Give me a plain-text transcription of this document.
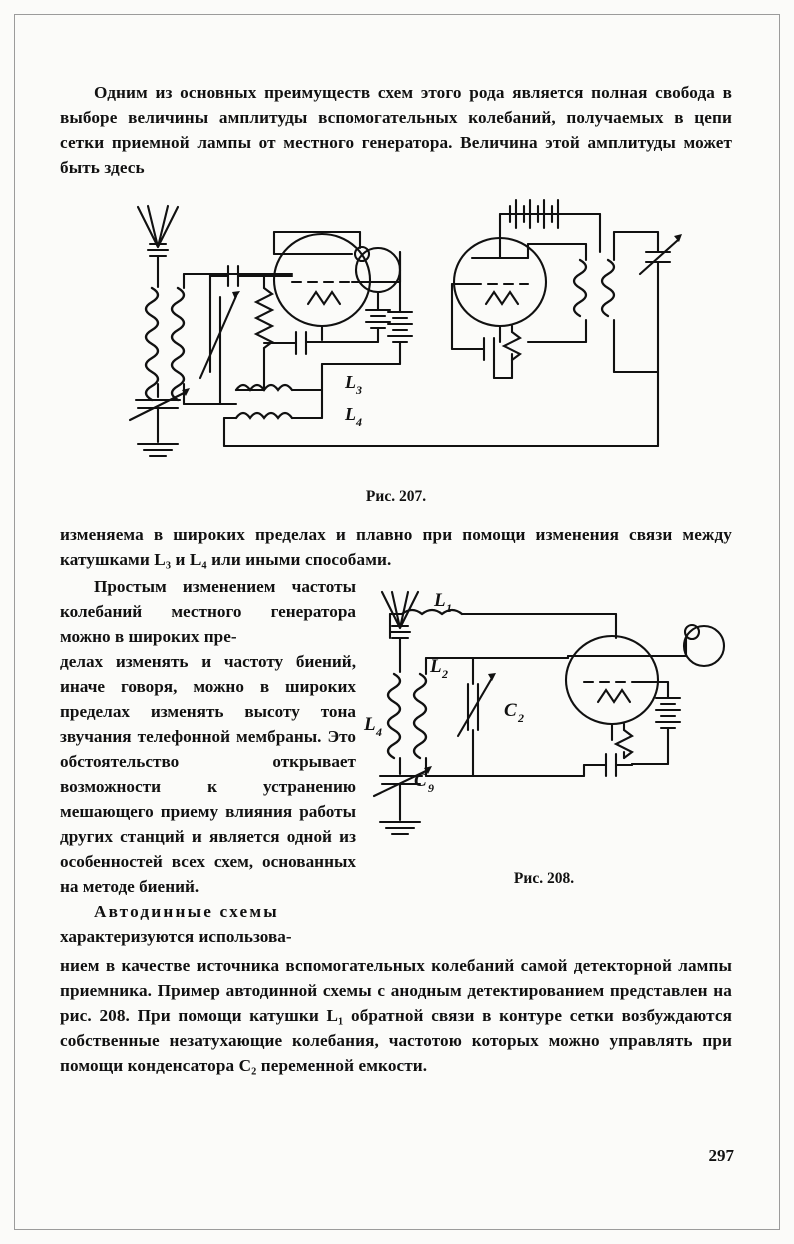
Одним из основных преимуществ схем этого рода является полная свобода в выборе величины амплитуды вспомогательных колебаний, получаемых в цепи сетки приемной лампы от местного генератора. Величина этой амплитуды может быть здесь

L 3
L 4

Рис. 207.

изменяема в широких пределах и плавно при помощи изменения связи между катушками L₃ и L₄ или иными способами.

Простым изменением частоты колебаний местного генератора можно в широких пре-

делах изменять и частоту биений, иначе говоря, можно в широких пределах изменять высоту тона звучания телефонной мембраны. Это обстоятельство открывает возможности к устранению мешающего приему влияния работы других станций и является одной из особенностей всех схем, основанных на методе биений.

Автодинные схемы

характеризуются использова-

L 1
L 2
L 4
C 2
C 9

Рис. 208.

нием в качестве источника вспомогательных колебаний самой детекторной лампы приемника. Пример автодинной схемы с анодным детектированием представлен на рис. 208. При помощи катушки L₁ обратной связи в контуре сетки возбуждаются собственные незатухающие колебания, частотою которых можно управлять при помощи конденсатора C₂ переменной емкости.

297
